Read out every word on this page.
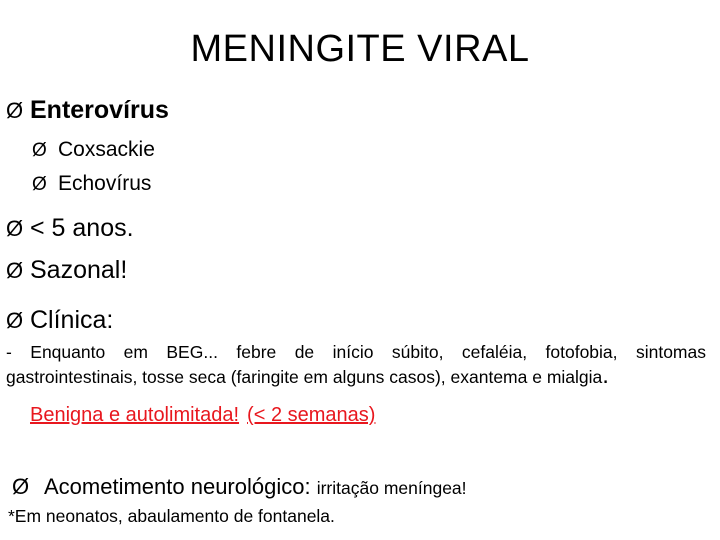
MENINGITE VIRAL
Ø Enterovírus
Ø Coxsackie
Ø Echovírus
Ø < 5 anos.
Ø Sazonal!
Ø Clínica:
- Enquanto em BEG... febre de início súbito, cefaléia, fotofobia, sintomas
gastrointestinais, tosse seca (faringite em alguns casos), exantema e mialgia.
Benigna e autolimitada! (< 2 semanas)
Ø Acometimento neurológico: irritação meníngea!
*Em neonatos, abaulamento de fontanela.
